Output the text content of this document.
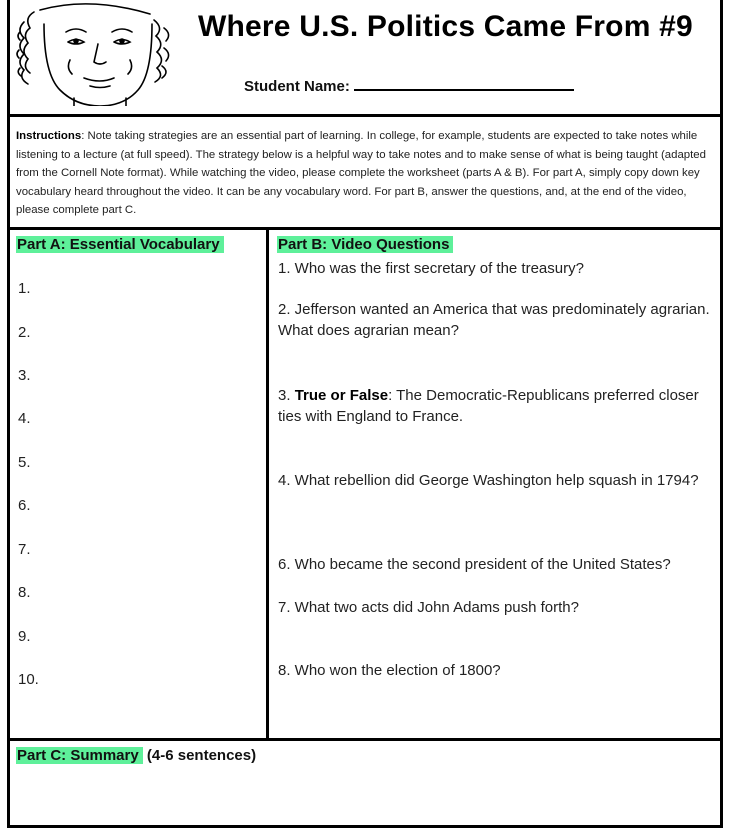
Where U.S. Politics Came From #9
Student Name:
Instructions: Note taking strategies are an essential part of learning. In college, for example, students are expected to take notes while listening to a lecture (at full speed). The strategy below is a helpful way to take notes and to make sense of what is being taught (adapted from the Cornell Note format). While watching the video, please complete the worksheet (parts A & B). For part A, simply copy down key vocabulary heard throughout the video. It can be any vocabulary word. For part B, answer the questions, and, at the end of the video, please complete part C.
Part A: Essential Vocabulary
1.
2.
3.
4.
5.
6.
7.
8.
9.
10.
Part B: Video Questions
1. Who was the first secretary of the treasury?
2. Jefferson wanted an America that was predominately agrarian. What does agrarian mean?
3. True or False: The Democratic-Republicans preferred closer ties with England to France.
4. What rebellion did George Washington help squash in 1794?
6. Who became the second president of the United States?
7. What two acts did John Adams push forth?
8. Who won the election of 1800?
Part C: Summary (4-6 sentences)
